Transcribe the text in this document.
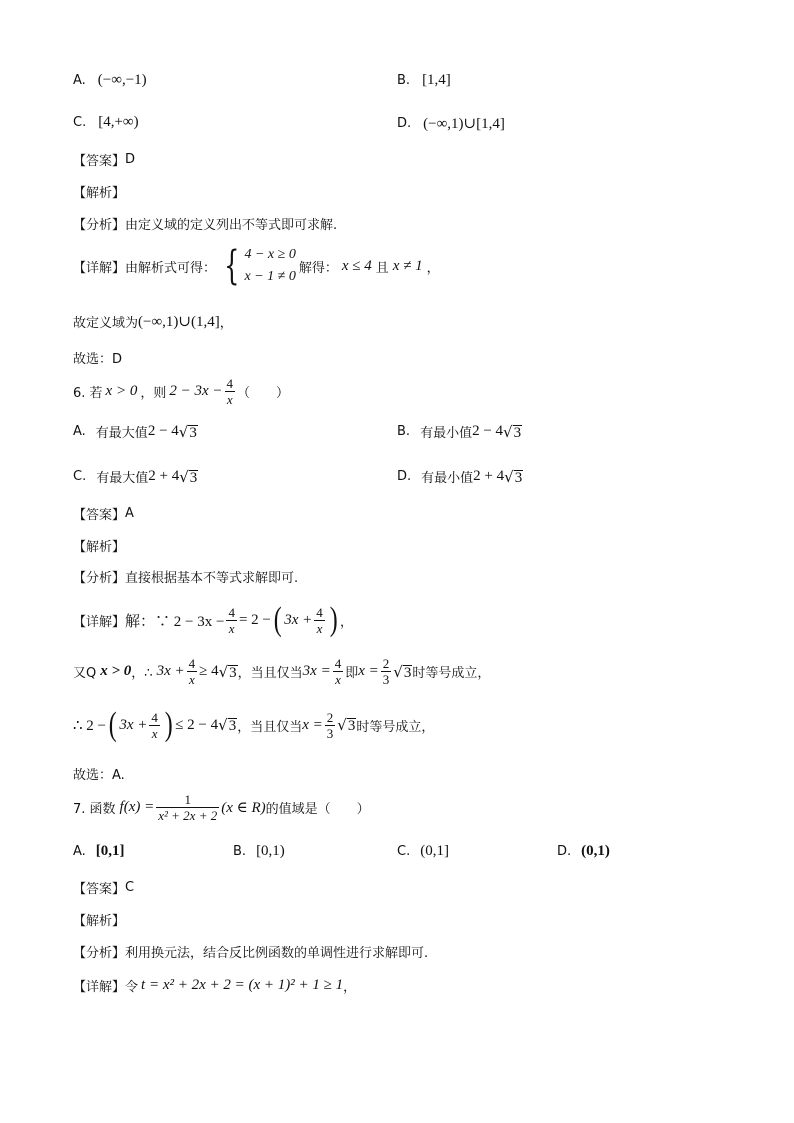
A. (−∞,−1)	B. [1,4]
C. [4,+∞)	D. (−∞,1)∪[1,4]
【答案】 D
【解析】
【分析】 由定义域的定义列出不等式即可求解.
【详解】 由解析式可得： { 4 − x ≥ 0
x − 1 ≠ 0
解得： x ≤ 4 且 x ≠ 1 ，
故定义域为 (−∞,1)∪(1,4] ，
故选：D
6. 若 x > 0 ，则 $2 - 3x - \frac{4}{x}$ （　　）
A. 有最大值 2 − 4 √ 3	B. 有最小值 2 − 4 √ 3
C. 有最大值 2 + 4 √ 3	D. 有最小值 2 + 4 √ 3
【答案】 A
【解析】
【分析】 直接根据基本不等式求解即可.
【详解】 解：∵ $2 - 3x - \frac{4}{x} = 2$ − ( $3x + \frac{4}{x}$ ) ，
又Q x > 0 ，∴ $3x + \frac{4}{x} \ge 4$ √ 3 ，当且仅当 $3x = \frac{4}{x}$ 即 $x = \frac{2}{3}$ √ 3 时等号成立，
∴ 2 − ( $3x + \frac{4}{x}$ ) ≤ 2 − 4 √ 3 ，当且仅当 $x = \frac{2}{3}$ √ 3 时等号成立，
故选：A.
7. 函数 $f(x) = \frac{1}{\text{x² + 2x + 2}} (x$ ∈ R) 的值域是（　　）
A. [0,1]	B. [0,1)	C. (0,1]	D. (0,1)
【答案】 C
【解析】
【分析】 利用换元法，结合反比例函数的单调性进行求解即可.
【详解】 令 t = x² + 2x + 2 = (x + 1)² + 1 ≥ 1 ，
